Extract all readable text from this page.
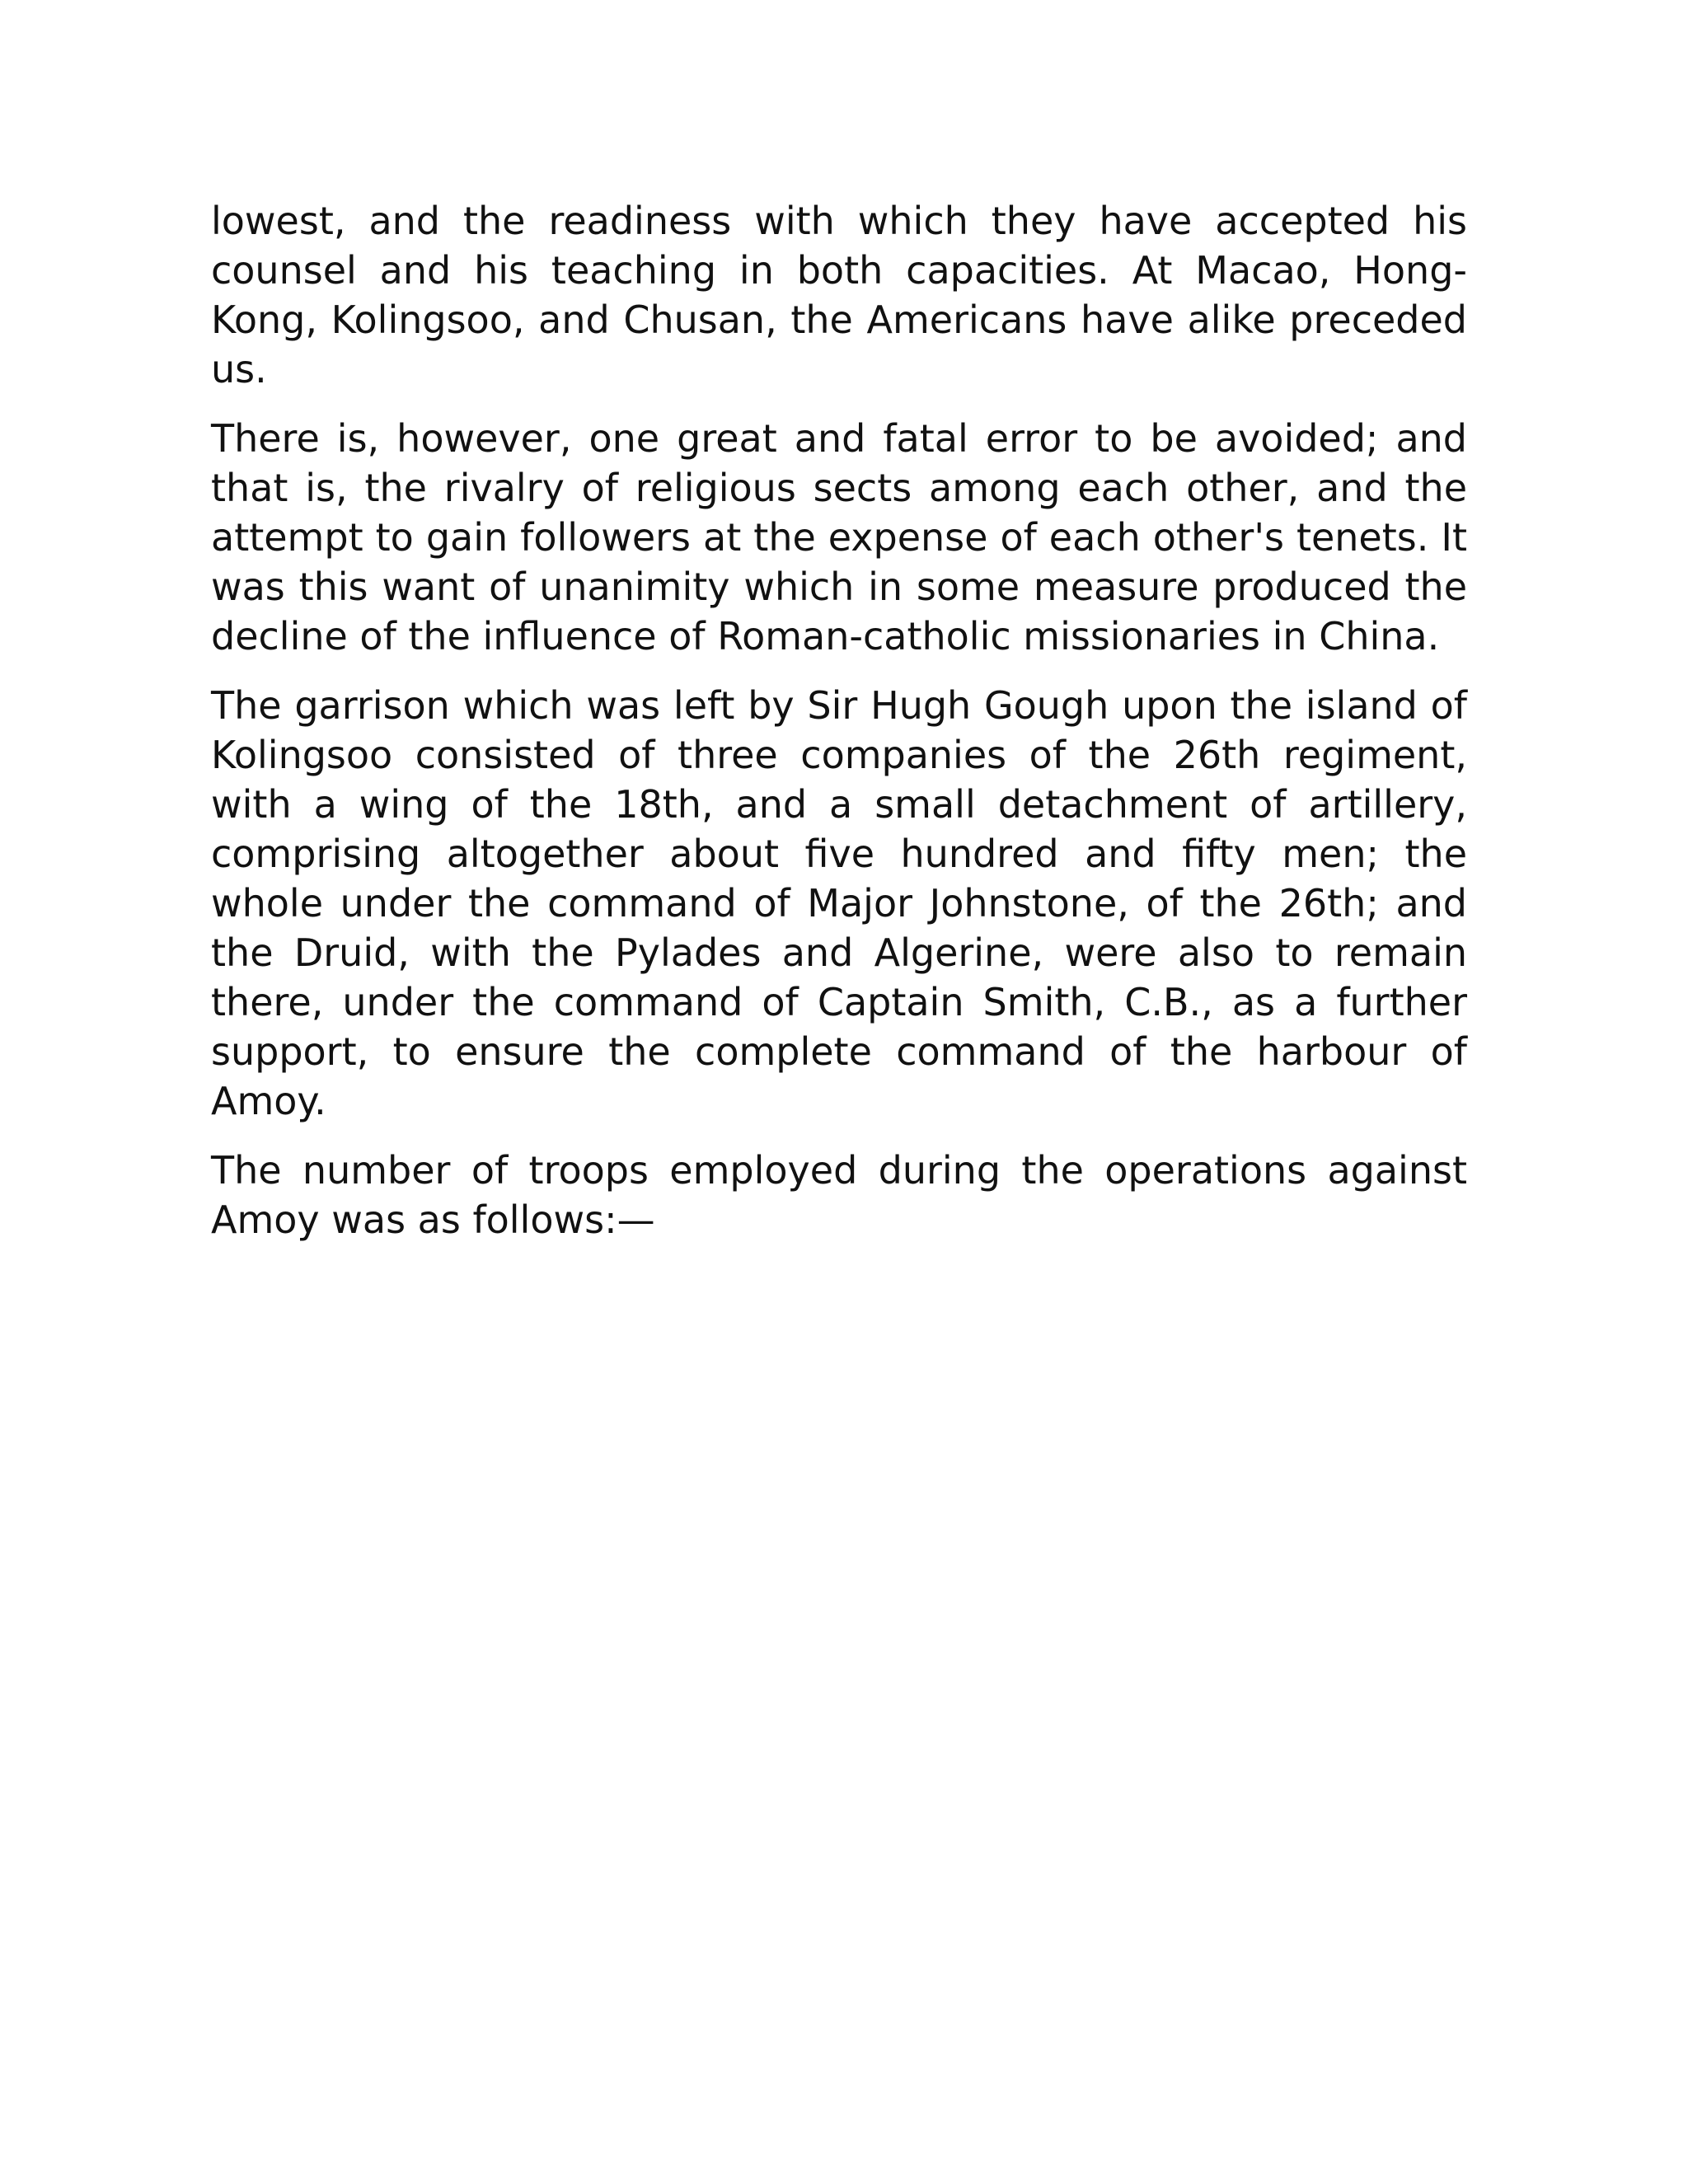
lowest, and the readiness with which they have accepted his counsel and his teaching in both capacities. At Macao, Hong-Kong, Kolingsoo, and Chusan, the Americans have alike preceded us.

There is, however, one great and fatal error to be avoided; and that is, the rivalry of religious sects among each other, and the attempt to gain followers at the expense of each other's tenets. It was this want of unanimity which in some measure produced the decline of the influence of Roman-catholic missionaries in China.

The garrison which was left by Sir Hugh Gough upon the island of Kolingsoo consisted of three companies of the 26th regiment, with a wing of the 18th, and a small detachment of artillery, comprising altogether about five hundred and fifty men; the whole under the command of Major Johnstone, of the 26th; and the Druid, with the Pylades and Algerine, were also to remain there, under the command of Captain Smith, C.B., as a further support, to ensure the complete command of the harbour of Amoy.

The number of troops employed during the operations against Amoy was as follows:—
